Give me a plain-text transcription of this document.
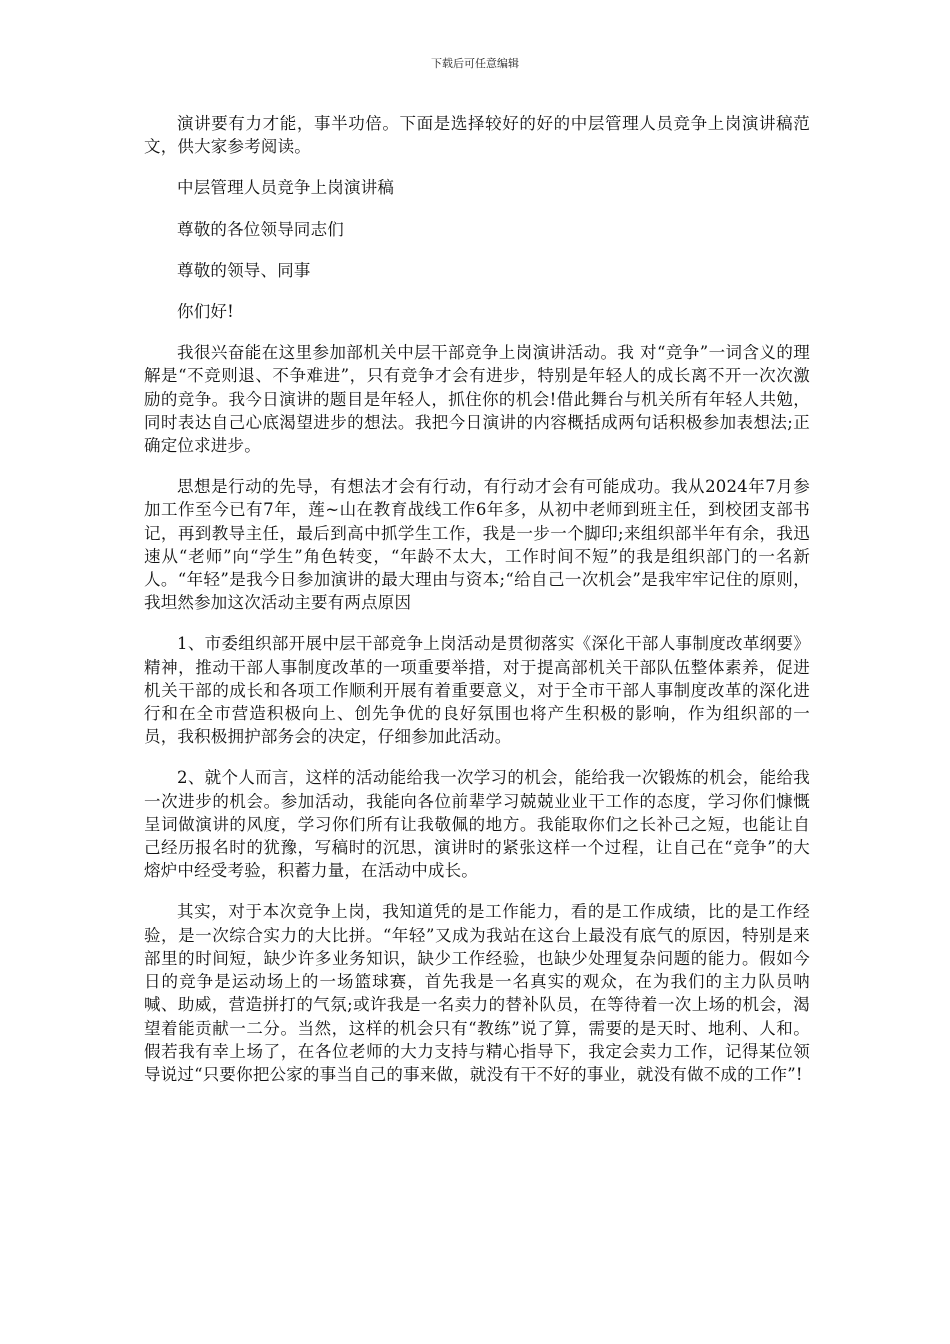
下载后可任意编辑

演讲要有力才能，事半功倍。下面是选择较好的好的中层管理人员竞争上岗演讲稿范文，供大家参考阅读。

中层管理人员竞争上岗演讲稿

尊敬的各位领导同志们

尊敬的领导、同事

你们好!

我很兴奋能在这里参加部机关中层干部竞争上岗演讲活动。我 对“竞争”一词含义的理解是“不竞则退、不争难进”，只有竞争才会有进步，特别是年轻人的成长离不开一次次激励的竞争。我今日演讲的题目是年轻人，抓住你的机会!借此舞台与机关所有年轻人共勉，同时表达自己心底渴望进步的想法。我把今日演讲的内容概括成两句话积极参加表想法;正确定位求进步。

思想是行动的先导，有想法才会有行动，有行动才会有可能成功。我从2024年7月参加工作至今已有7年，莲~山在教育战线工作6年多，从初中老师到班主任，到校团支部书记，再到教导主任，最后到高中抓学生工作，我是一步一个脚印;来组织部半年有余，我迅速从“老师”向“学生”角色转变，“年龄不太大，工作时间不短”的我是组织部门的一名新人。“年轻”是我今日参加演讲的最大理由与资本;“给自己一次机会”是我牢牢记住的原则，我坦然参加这次活动主要有两点原因

1、市委组织部开展中层干部竞争上岗活动是贯彻落实《深化干部人事制度改革纲要》精神，推动干部人事制度改革的一项重要举措，对于提高部机关干部队伍整体素养，促进机关干部的成长和各项工作顺利开展有着重要意义，对于全市干部人事制度改革的深化进行和在全市营造积极向上、创先争优的良好氛围也将产生积极的影响，作为组织部的一员，我积极拥护部务会的决定，仔细参加此活动。

2、就个人而言，这样的活动能给我一次学习的机会，能给我一次锻炼的机会，能给我一次进步的机会。参加活动，我能向各位前辈学习兢兢业业干工作的态度，学习你们慷慨呈词做演讲的风度，学习你们所有让我敬佩的地方。我能取你们之长补己之短，也能让自己经历报名时的犹豫，写稿时的沉思，演讲时的紧张这样一个过程，让自己在“竞争”的大熔炉中经受考验，积蓄力量，在活动中成长。

其实，对于本次竞争上岗，我知道凭的是工作能力，看的是工作成绩，比的是工作经验，是一次综合实力的大比拼。“年轻”又成为我站在这台上最没有底气的原因，特别是来部里的时间短，缺少许多业务知识，缺少工作经验，也缺少处理复杂问题的能力。假如今日的竞争是运动场上的一场篮球赛，首先我是一名真实的观众，在为我们的主力队员呐喊、助威，营造拼打的气氛;或许我是一名卖力的替补队员，在等待着一次上场的机会，渴望着能贡献一二分。当然，这样的机会只有“教练”说了算，需要的是天时、地利、人和。假若我有幸上场了，在各位老师的大力支持与精心指导下，我定会卖力工作，记得某位领导说过“只要你把公家的事当自己的事来做，就没有干不好的事业，就没有做不成的工作”!
